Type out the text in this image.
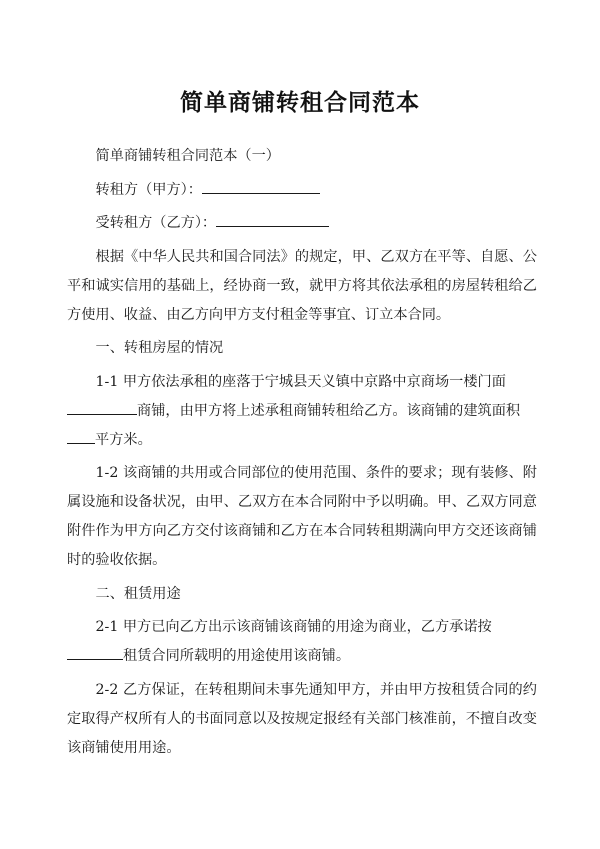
简单商铺转租合同范本

简单商铺转租合同范本（一）

转租方（甲方）：

受转租方（乙方）：

根据《中华人民共和国合同法》的规定，甲、乙双方在平等、自愿、公平和诚实信用的基础上，经协商一致，就甲方将其依法承租的房屋转租给乙方使用、收益、由乙方向甲方支付租金等事宜、订立本合同。

一、转租房屋的情况

1-1 甲方依法承租的座落于宁城县天义镇中京路中京商场一楼门面
商铺，由甲方将上述承租商铺转租给乙方。该商铺的建筑面积
平方米。

1-2 该商铺的共用或合同部位的使用范围、条件的要求；现有装修、附属设施和设备状况，由甲、乙双方在本合同附中予以明确。甲、乙双方同意附件作为甲方向乙方交付该商铺和乙方在本合同转租期满向甲方交还该商铺时的验收依据。

二、租赁用途

2-1 甲方已向乙方出示该商铺该商铺的用途为商业，乙方承诺按
租赁合同所载明的用途使用该商铺。

2-2 乙方保证，在转租期间未事先通知甲方，并由甲方按租赁合同的约定取得产权所有人的书面同意以及按规定报经有关部门核准前，不擅自改变该商铺使用用途。
